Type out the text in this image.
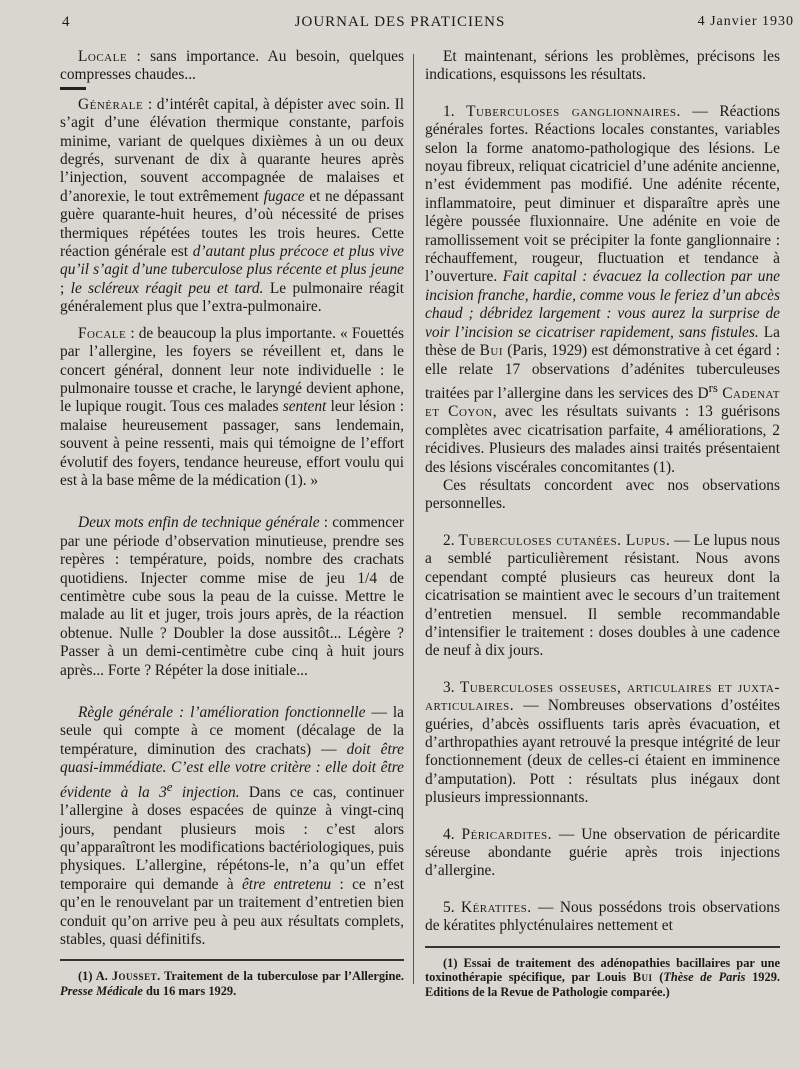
4	JOURNAL DES PRATICIENS	4 Janvier 1930

Locale : sans importance. Au besoin, quelques compresses chaudes...

Générale : d’intérêt capital, à dépister avec soin. Il s’agit d’une élévation thermique constante, parfois minime, variant de quelques dixièmes à un ou deux degrés, survenant de dix à quarante heures après l’injection, souvent accompagnée de malaises et d’anorexie, le tout extrêmement fugace et ne dépassant guère quarante-huit heures, d’où nécessité de prises thermiques répétées toutes les trois heures. Cette réaction générale est d’autant plus précoce et plus vive qu’il s’agit d’une tuberculose plus récente et plus jeune ; le scléreux réagit peu et tard. Le pulmonaire réagit généralement plus que l’extra-pulmonaire.

Focale : de beaucoup la plus importante. « Fouettés par l’allergine, les foyers se réveillent et, dans le concert général, donnent leur note individuelle : le pulmonaire tousse et crache, le laryngé devient aphone, le lupique rougit. Tous ces malades sentent leur lésion : malaise heureusement passager, sans lendemain, souvent à peine ressenti, mais qui témoigne de l’effort évolutif des foyers, tendance heureuse, effort voulu qui est à la base même de la médication (1). »

Deux mots enfin de technique générale : commencer par une période d’observation minutieuse, prendre ses repères : température, poids, nombre des crachats quotidiens. Injecter comme mise de jeu 1/4 de centimètre cube sous la peau de la cuisse. Mettre le malade au lit et juger, trois jours après, de la réaction obtenue. Nulle ? Doubler la dose aussitôt... Légère ? Passer à un demi-centimètre cube cinq à huit jours après... Forte ? Répéter la dose initiale...

Règle générale : l’amélioration fonctionnelle — la seule qui compte à ce moment (décalage de la température, diminution des crachats) — doit être quasi-immédiate. C’est elle votre critère : elle doit être évidente à la 3e injection. Dans ce cas, continuer l’allergine à doses espacées de quinze à vingt-cinq jours, pendant plusieurs mois : c’est alors qu’apparaîtront les modifications bactériologiques, puis physiques. L’allergine, répétons-le, n’a qu’un effet temporaire qui demande à être entretenu : ce n’est qu’en le renouvelant par un traitement d’entretien bien conduit qu’on arrive peu à peu aux résultats complets, stables, quasi définitifs.

(1) A. Jousset. Traitement de la tuberculose par l’Allergine. Presse Médicale du 16 mars 1929.

Et maintenant, sérions les problèmes, précisons les indications, esquissons les résultats.

1. Tuberculoses ganglionnaires. — Réactions générales fortes. Réactions locales constantes, variables selon la forme anatomo-pathologique des lésions. Le noyau fibreux, reliquat cicatriciel d’une adénite ancienne, n’est évidemment pas modifié. Une adénite récente, inflammatoire, peut diminuer et disparaître après une légère poussée fluxionnaire. Une adénite en voie de ramollissement voit se précipiter la fonte ganglionnaire : réchauffement, rougeur, fluctuation et tendance à l’ouverture. Fait capital : évacuez la collection par une incision franche, hardie, comme vous le feriez d’un abcès chaud ; débridez largement : vous aurez la surprise de voir l’incision se cicatriser rapidement, sans fistules. La thèse de Bui (Paris, 1929) est démonstrative à cet égard : elle relate 17 observations d’adénites tuberculeuses traitées par l’allergine dans les services des $D^{rs}$ Cadenat et Coyon, avec les résultats suivants : 13 guérisons complètes avec cicatrisation parfaite, 4 améliorations, 2 récidives. Plusieurs des malades ainsi traités présentaient des lésions viscérales concomitantes (1).

Ces résultats concordent avec nos observations personnelles.

2. Tuberculoses cutanées. Lupus. — Le lupus nous a semblé particulièrement résistant. Nous avons cependant compté plusieurs cas heureux dont la cicatrisation se maintient avec le secours d’un traitement d’entretien mensuel. Il semble recommandable d’intensifier le traitement : doses doubles à une cadence de neuf à dix jours.

3. Tuberculoses osseuses, articulaires et juxta-articulaires. — Nombreuses observations d’ostéites guéries, d’abcès ossifluents taris après évacuation, et d’arthropathies ayant retrouvé la presque intégrité de leur fonctionnement (deux de celles-ci étaient en imminence d’amputation). Pott : résultats plus inégaux dont plusieurs impressionnants.

4. Péricardites. — Une observation de péricardite séreuse abondante guérie après trois injections d’allergine.

5. Kératites. — Nous possédons trois observations de kératites phlycténulaires nettement et

(1) Essai de traitement des adénopathies bacillaires par une toxinothérapie spécifique, par Louis Bui (Thèse de Paris 1929. Editions de la Revue de Pathologie comparée.)
